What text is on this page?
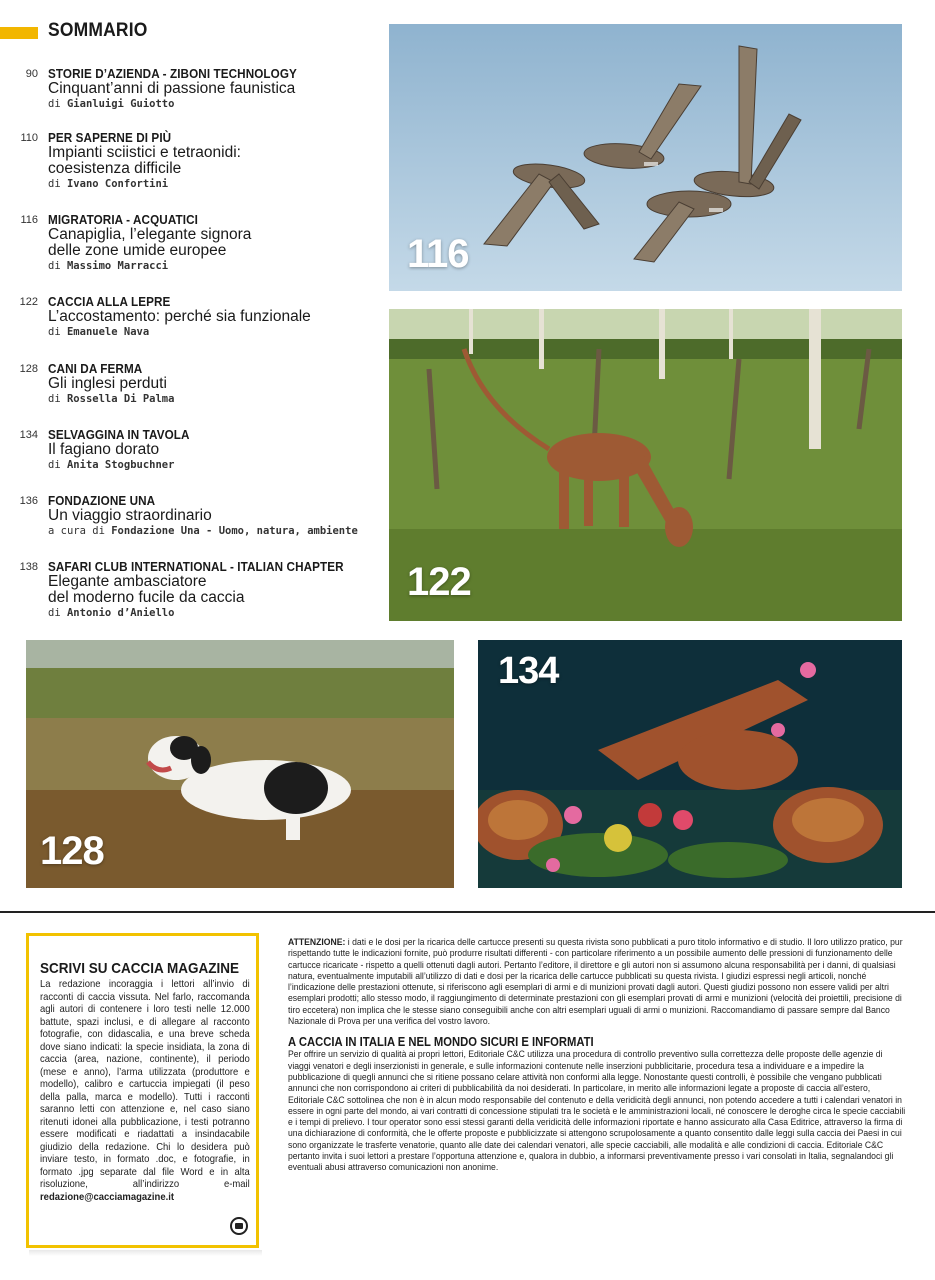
SOMMARIO
90 STORIE D’AZIENDA - ZIBONI TECHNOLOGY
Cinquant’anni di passione faunistica
di Gianluigi Guiotto
110 PER SAPERNE DI PIÙ
Impianti sciistici e tetraonidi:
coesistenza difficile
di Ivano Confortini
116 MIGRATORIA - ACQUATICI
Canapiglia, l’elegante signora
delle zone umide europee
di Massimo Marracci
122 CACCIA ALLA LEPRE
L’accostamento: perché sia funzionale
di Emanuele Nava
128 CANI DA FERMA
Gli inglesi perduti
di Rossella Di Palma
134 SELVAGGINA IN TAVOLA
Il fagiano dorato
di Anita Stogbuchner
136 FONDAZIONE UNA
Un viaggio straordinario
a cura di Fondazione Una - Uomo, natura, ambiente
138 SAFARI CLUB INTERNATIONAL - ITALIAN CHAPTER
Elegante ambasciatore
del moderno fucile da caccia
di Antonio d’Aniello
116
122
128
134
SCRIVI SU CACCIA MAGAZINE
La redazione incoraggia i lettori all’invio di racconti di caccia vissuta. Nel farlo, raccomanda agli autori di contenere i loro testi nelle 12.000 battute, spazi inclusi, e di allegare al racconto fotografie, con didascalia, e una breve scheda dove siano indicati: la specie insidiata, la zona di caccia (area, nazione, continente), il periodo (mese e anno), l’arma utilizzata (produttore e modello), calibro e cartuccia impiegati (il peso della palla, marca e modello). Tutti i racconti saranno letti con attenzione e, nel caso siano ritenuti idonei alla pubblicazione, i testi potranno essere modificati e riadattati a insindacabile giudizio della redazione. Chi lo desidera può inviare testo, in formato .doc, e fotografie, in formato .jpg separate dal file Word e in alta risoluzione, all’indirizzo e-mail redazione@cacciamagazine.it
ATTENZIONE: i dati e le dosi per la ricarica delle cartucce presenti su questa rivista sono pubblicati a puro titolo informativo e di studio. Il loro utilizzo pratico, pur rispettando tutte le indicazioni fornite, può produrre risultati differenti - con particolare riferimento a un possibile aumento delle pressioni di funzionamento delle cartucce ricaricate - rispetto a quelli ottenuti dagli autori. Pertanto l’editore, il direttore e gli autori non si assumono alcuna responsabilità per i danni, di qualsiasi natura, eventualmente imputabili all’utilizzo di dati e dosi per la ricarica delle cartucce pubblicati su questa rivista. I giudizi espressi negli articoli, nonché l’indicazione delle prestazioni ottenute, si riferiscono agli esemplari di armi e di munizioni provati dagli autori. Questi giudizi possono non essere validi per altri esemplari prodotti; allo stesso modo, il raggiungimento di determinate prestazioni con gli esemplari provati di armi e munizioni (velocità dei proiettili, precisione di tiro eccetera) non implica che le stesse siano conseguibili anche con altri esemplari uguali di armi o munizioni. Raccomandiamo di passare sempre dal Banco Nazionale di Prova per una verifica del vostro lavoro.
A CACCIA IN ITALIA E NEL MONDO SICURI E INFORMATI
Per offrire un servizio di qualità ai propri lettori, Editoriale C&C utilizza una procedura di controllo preventivo sulla correttezza delle proposte delle agenzie di viaggi venatori e degli inserzionisti in generale, e sulle informazioni contenute nelle inserzioni pubblicitarie, procedura tesa a individuare e a impedire la pubblicazione di quegli annunci che si ritiene possano celare attività non conformi alla legge. Nonostante questi controlli, è possibile che vengano pubblicati annunci che non corrispondono ai criteri di pubblicabilità da noi desiderati. In particolare, in merito alle informazioni legate a proposte di caccia all’estero, Editoriale C&C sottolinea che non è in alcun modo responsabile del contenuto e della veridicità degli annunci, non potendo accedere a tutti i calendari venatori in essere in ogni parte del mondo, ai vari contratti di concessione stipulati tra le società e le amministrazioni locali, né conoscere le deroghe circa le specie cacciabili e i tempi di prelievo. I tour operator sono essi stessi garanti della veridicità delle informazioni riportate e hanno assicurato alla Casa Editrice, attraverso la firma di una dichiarazione di conformità, che le offerte proposte e pubblicizzate si attengono scrupolosamente a quanto consentito dalle leggi sulla caccia dei Paesi in cui sono organizzate le trasferte venatorie, quanto alle date dei calendari venatori, alle specie cacciabili, alle modalità e alle condizioni di caccia. Editoriale C&C pertanto invita i suoi lettori a prestare l’opportuna attenzione e, qualora in dubbio, a informarsi preventivamente presso i vari consolati in Italia, segnalandoci gli eventuali abusi attraverso comunicazioni non anonime.
